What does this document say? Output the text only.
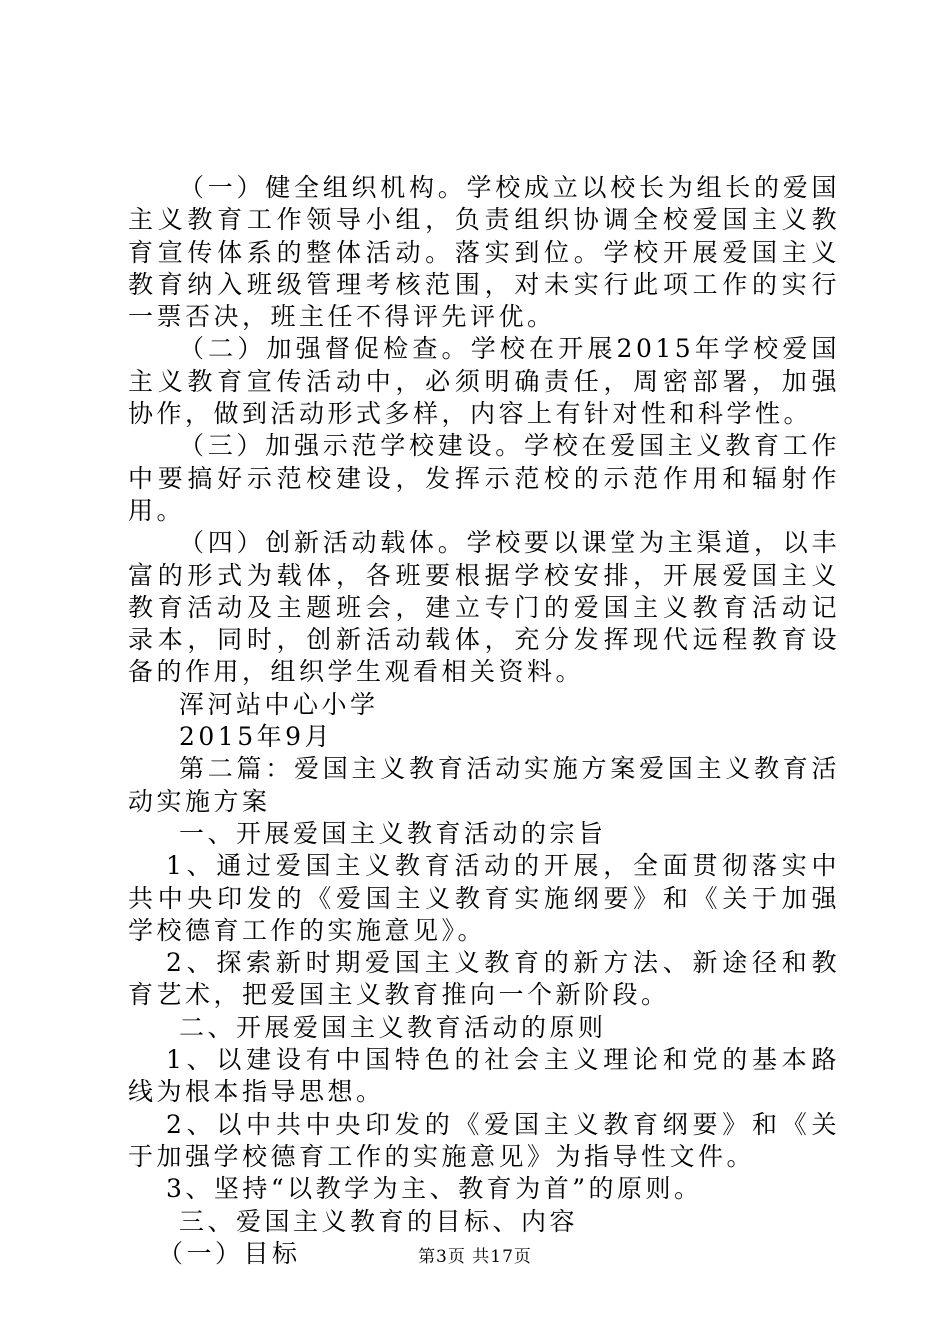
（一）健全组织机构。学校成立以校长为组长的爱国主义教育工作领导小组，负责组织协调全校爱国主义教育宣传体系的整体活动。落实到位。学校开展爱国主义教育纳入班级管理考核范围，对未实行此项工作的实行一票否决，班主任不得评先评优。

（二）加强督促检查。学校在开展2015年学校爱国主义教育宣传活动中，必须明确责任，周密部署，加强协作，做到活动形式多样，内容上有针对性和科学性。

（三）加强示范学校建设。学校在爱国主义教育工作中要搞好示范校建设，发挥示范校的示范作用和辐射作用。

（四）创新活动载体。学校要以课堂为主渠道，以丰富的形式为载体，各班要根据学校安排，开展爱国主义教育活动及主题班会，建立专门的爱国主义教育活动记录本，同时，创新活动载体，充分发挥现代远程教育设备的作用，组织学生观看相关资料。

浑河站中心小学

2015年9月

第二篇：爱国主义教育活动实施方案爱国主义教育活动实施方案

一、开展爱国主义教育活动的宗旨

1、通过爱国主义教育活动的开展，全面贯彻落实中共中央印发的《爱国主义教育实施纲要》和《关于加强学校德育工作的实施意见》。

2、探索新时期爱国主义教育的新方法、新途径和教育艺术，把爱国主义教育推向一个新阶段。

二、开展爱国主义教育活动的原则

1、以建设有中国特色的社会主义理论和党的基本路线为根本指导思想。

2、以中共中央印发的《爱国主义教育纲要》和《关于加强学校德育工作的实施意见》为指导性文件。

3、坚持“以教学为主、教育为首”的原则。

三、爱国主义教育的目标、内容

（一）目标	第3页 共17页
